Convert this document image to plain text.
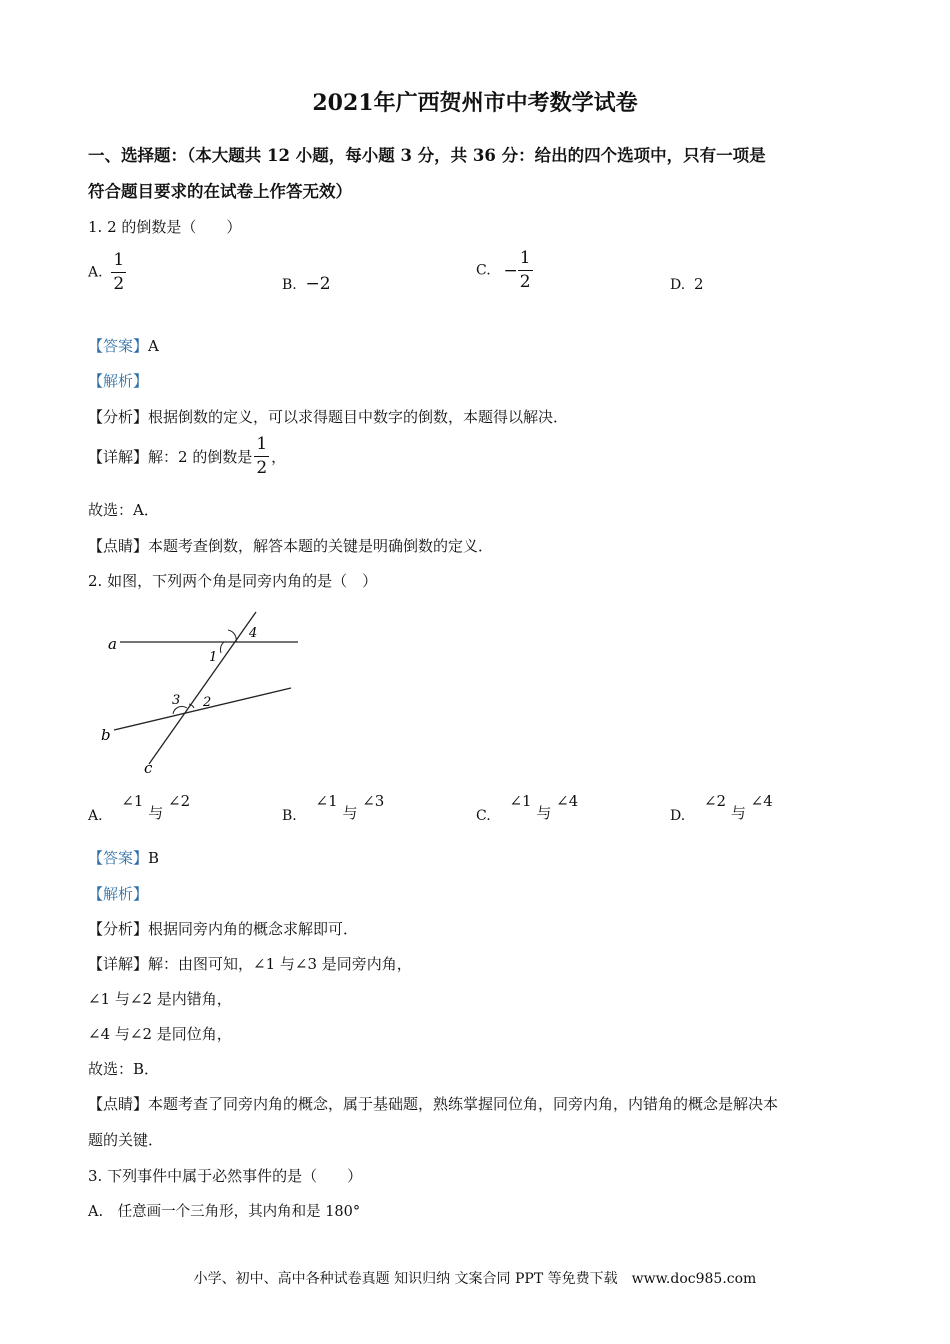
2021年广西贺州市中考数学试卷
一、选择题：（本大题共 12 小题，每小题 3 分，共 36 分：给出的四个选项中，只有一项是
符合题目要求的在试卷上作答无效）
1. 2 的倒数是（　　）
A. $\frac{1}{2}$	B. −2
C. − $\frac{1}{2}$	D. 2
【答案】A
【解析】
【分析】根据倒数的定义，可以求得题目中数字的倒数，本题得以解决．
【详解】解：2 的倒数是 $\frac{1}{2}$ ，
故选：A．
【点睛】本题考查倒数，解答本题的关键是明确倒数的定义．
2. 如图，下列两个角是同旁内角的是（　）
a
b
c
1
2
3
4
A. ∠1 与 ∠2
B. ∠1 与 ∠3
C. ∠1 与 ∠4
D. ∠2 与 ∠4
【答案】B
【解析】
【分析】根据同旁内角的概念求解即可．
【详解】解：由图可知，∠1 与∠3 是同旁内角，
∠1 与∠2 是内错角，
∠4 与∠2 是同位角，
故选：B．
【点睛】本题考查了同旁内角的概念，属于基础题，熟练掌握同位角，同旁内角，内错角的概念是解决本
题的关键．
3. 下列事件中属于必然事件的是（　　）
A.　任意画一个三角形，其内角和是 180°
小学、初中、高中各种试卷真题 知识归纳 文案合同 PPT 等免费下载　www.doc985.com
